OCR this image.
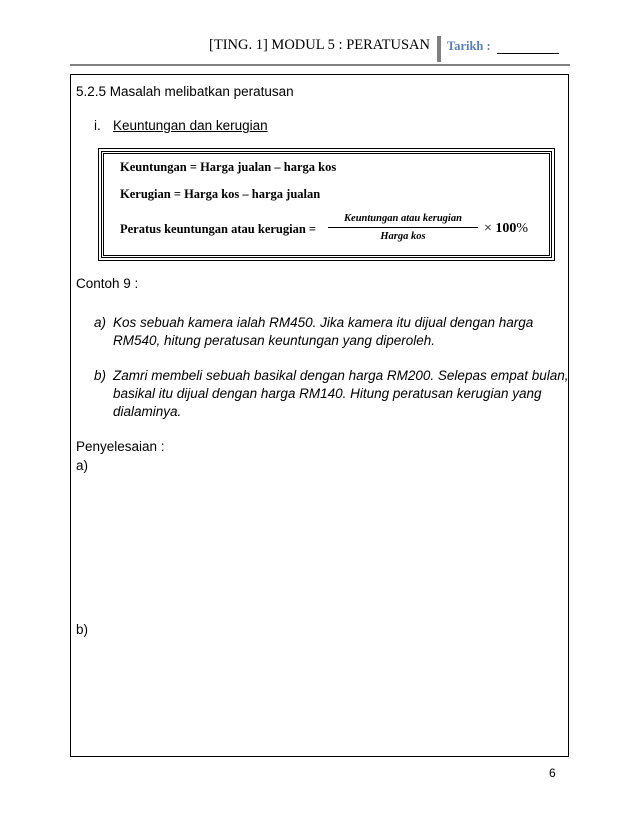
[TING. 1] MODUL 5 : PERATUSAN Tarikh :
5.2.5 Masalah melibatkan peratusan
i. Keuntungan dan kerugian
Keuntungan = Harga jualan – harga kos
Kerugian = Harga kos – harga jualan
Peratus keuntungan atau kerugian =
Keuntungan atau kerugian
Harga kos
× 100%
Contoh 9 :
a) Kos sebuah kamera ialah RM450. Jika kamera itu dijual dengan harga
RM540, hitung peratusan keuntungan yang diperoleh.
b) Zamri membeli sebuah basikal dengan harga RM200. Selepas empat bulan,
basikal itu dijual dengan harga RM140. Hitung peratusan kerugian yang
dialaminya.
Penyelesaian :
a)
b)
6
